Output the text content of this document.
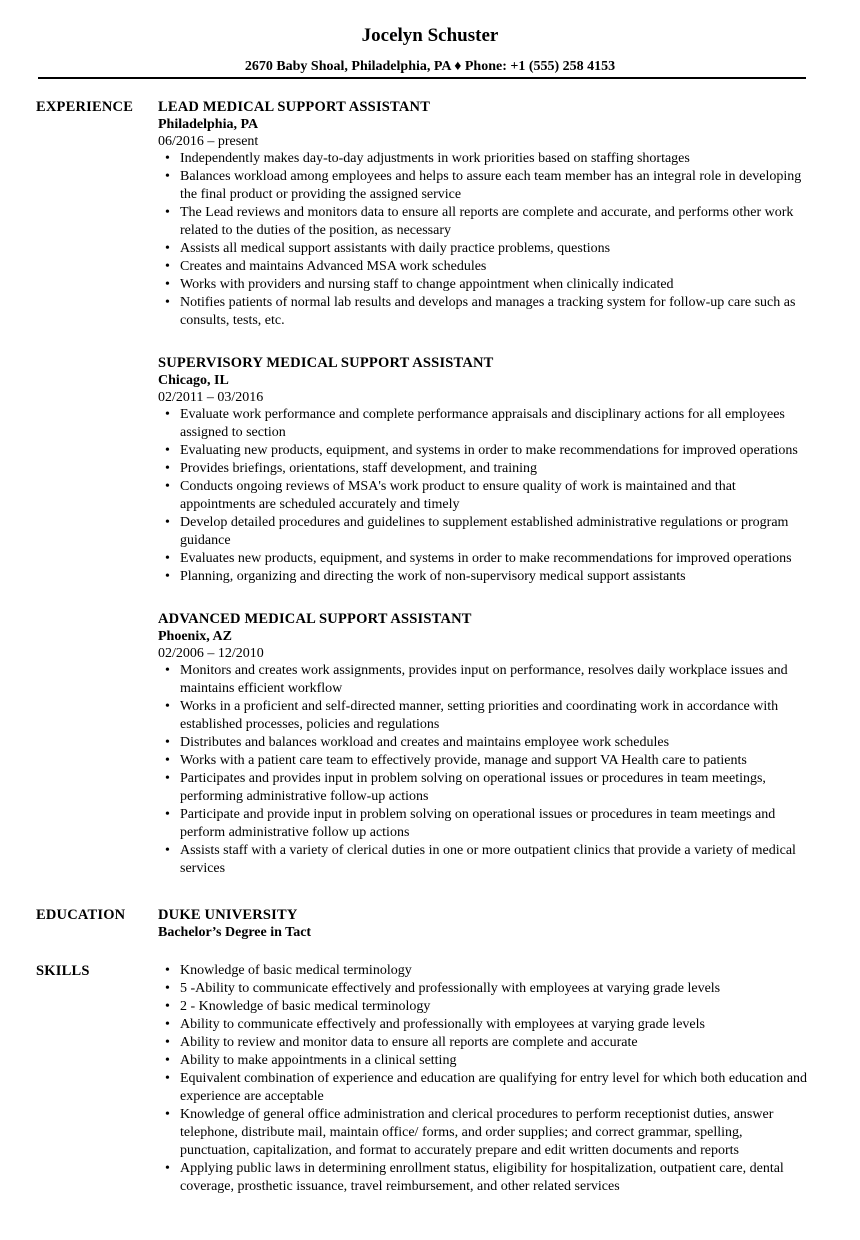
Jocelyn Schuster
2670 Baby Shoal, Philadelphia, PA ♦ Phone: +1 (555) 258 4153
EXPERIENCE LEAD MEDICAL SUPPORT ASSISTANT
Philadelphia, PA
06/2016 – present
• Independently makes day-to-day adjustments in work priorities based on staffing shortages
• Balances workload among employees and helps to assure each team member has an integral role in developing the final product or providing the assigned service
• The Lead reviews and monitors data to ensure all reports are complete and accurate, and performs other work related to the duties of the position, as necessary
• Assists all medical support assistants with daily practice problems, questions
• Creates and maintains Advanced MSA work schedules
• Works with providers and nursing staff to change appointment when clinically indicated
• Notifies patients of normal lab results and develops and manages a tracking system for follow-up care such as consults, tests, etc.
SUPERVISORY MEDICAL SUPPORT ASSISTANT
Chicago, IL
02/2011 – 03/2016
• Evaluate work performance and complete performance appraisals and disciplinary actions for all employees assigned to section
• Evaluating new products, equipment, and systems in order to make recommendations for improved operations
• Provides briefings, orientations, staff development, and training
• Conducts ongoing reviews of MSA's work product to ensure quality of work is maintained and that appointments are scheduled accurately and timely
• Develop detailed procedures and guidelines to supplement established administrative regulations or program guidance
• Evaluates new products, equipment, and systems in order to make recommendations for improved operations
• Planning, organizing and directing the work of non-supervisory medical support assistants
ADVANCED MEDICAL SUPPORT ASSISTANT
Phoenix, AZ
02/2006 – 12/2010
• Monitors and creates work assignments, provides input on performance, resolves daily workplace issues and maintains efficient workflow
• Works in a proficient and self-directed manner, setting priorities and coordinating work in accordance with established processes, policies and regulations
• Distributes and balances workload and creates and maintains employee work schedules
• Works with a patient care team to effectively provide, manage and support VA Health care to patients
• Participates and provides input in problem solving on operational issues or procedures in team meetings, performing administrative follow-up actions
• Participate and provide input in problem solving on operational issues or procedures in team meetings and perform administrative follow up actions
• Assists staff with a variety of clerical duties in one or more outpatient clinics that provide a variety of medical services
EDUCATION DUKE UNIVERSITY
Bachelor’s Degree in Tact
SKILLS
•	Knowledge of basic medical terminology
• 5 -Ability to communicate effectively and professionally with employees at varying grade levels
• 2 - Knowledge of basic medical terminology
• Ability to communicate effectively and professionally with employees at varying grade levels
• Ability to review and monitor data to ensure all reports are complete and accurate
• Ability to make appointments in a clinical setting
• Equivalent combination of experience and education are qualifying for entry level for which both education and experience are acceptable
• Knowledge of general office administration and clerical procedures to perform receptionist duties, answer telephone, distribute mail, maintain office/ forms, and order supplies; and correct grammar, spelling, punctuation, capitalization, and format to accurately prepare and edit written documents and reports
• Applying public laws in determining enrollment status, eligibility for hospitalization, outpatient care, dental coverage, prosthetic issuance, travel reimbursement, and other related services
